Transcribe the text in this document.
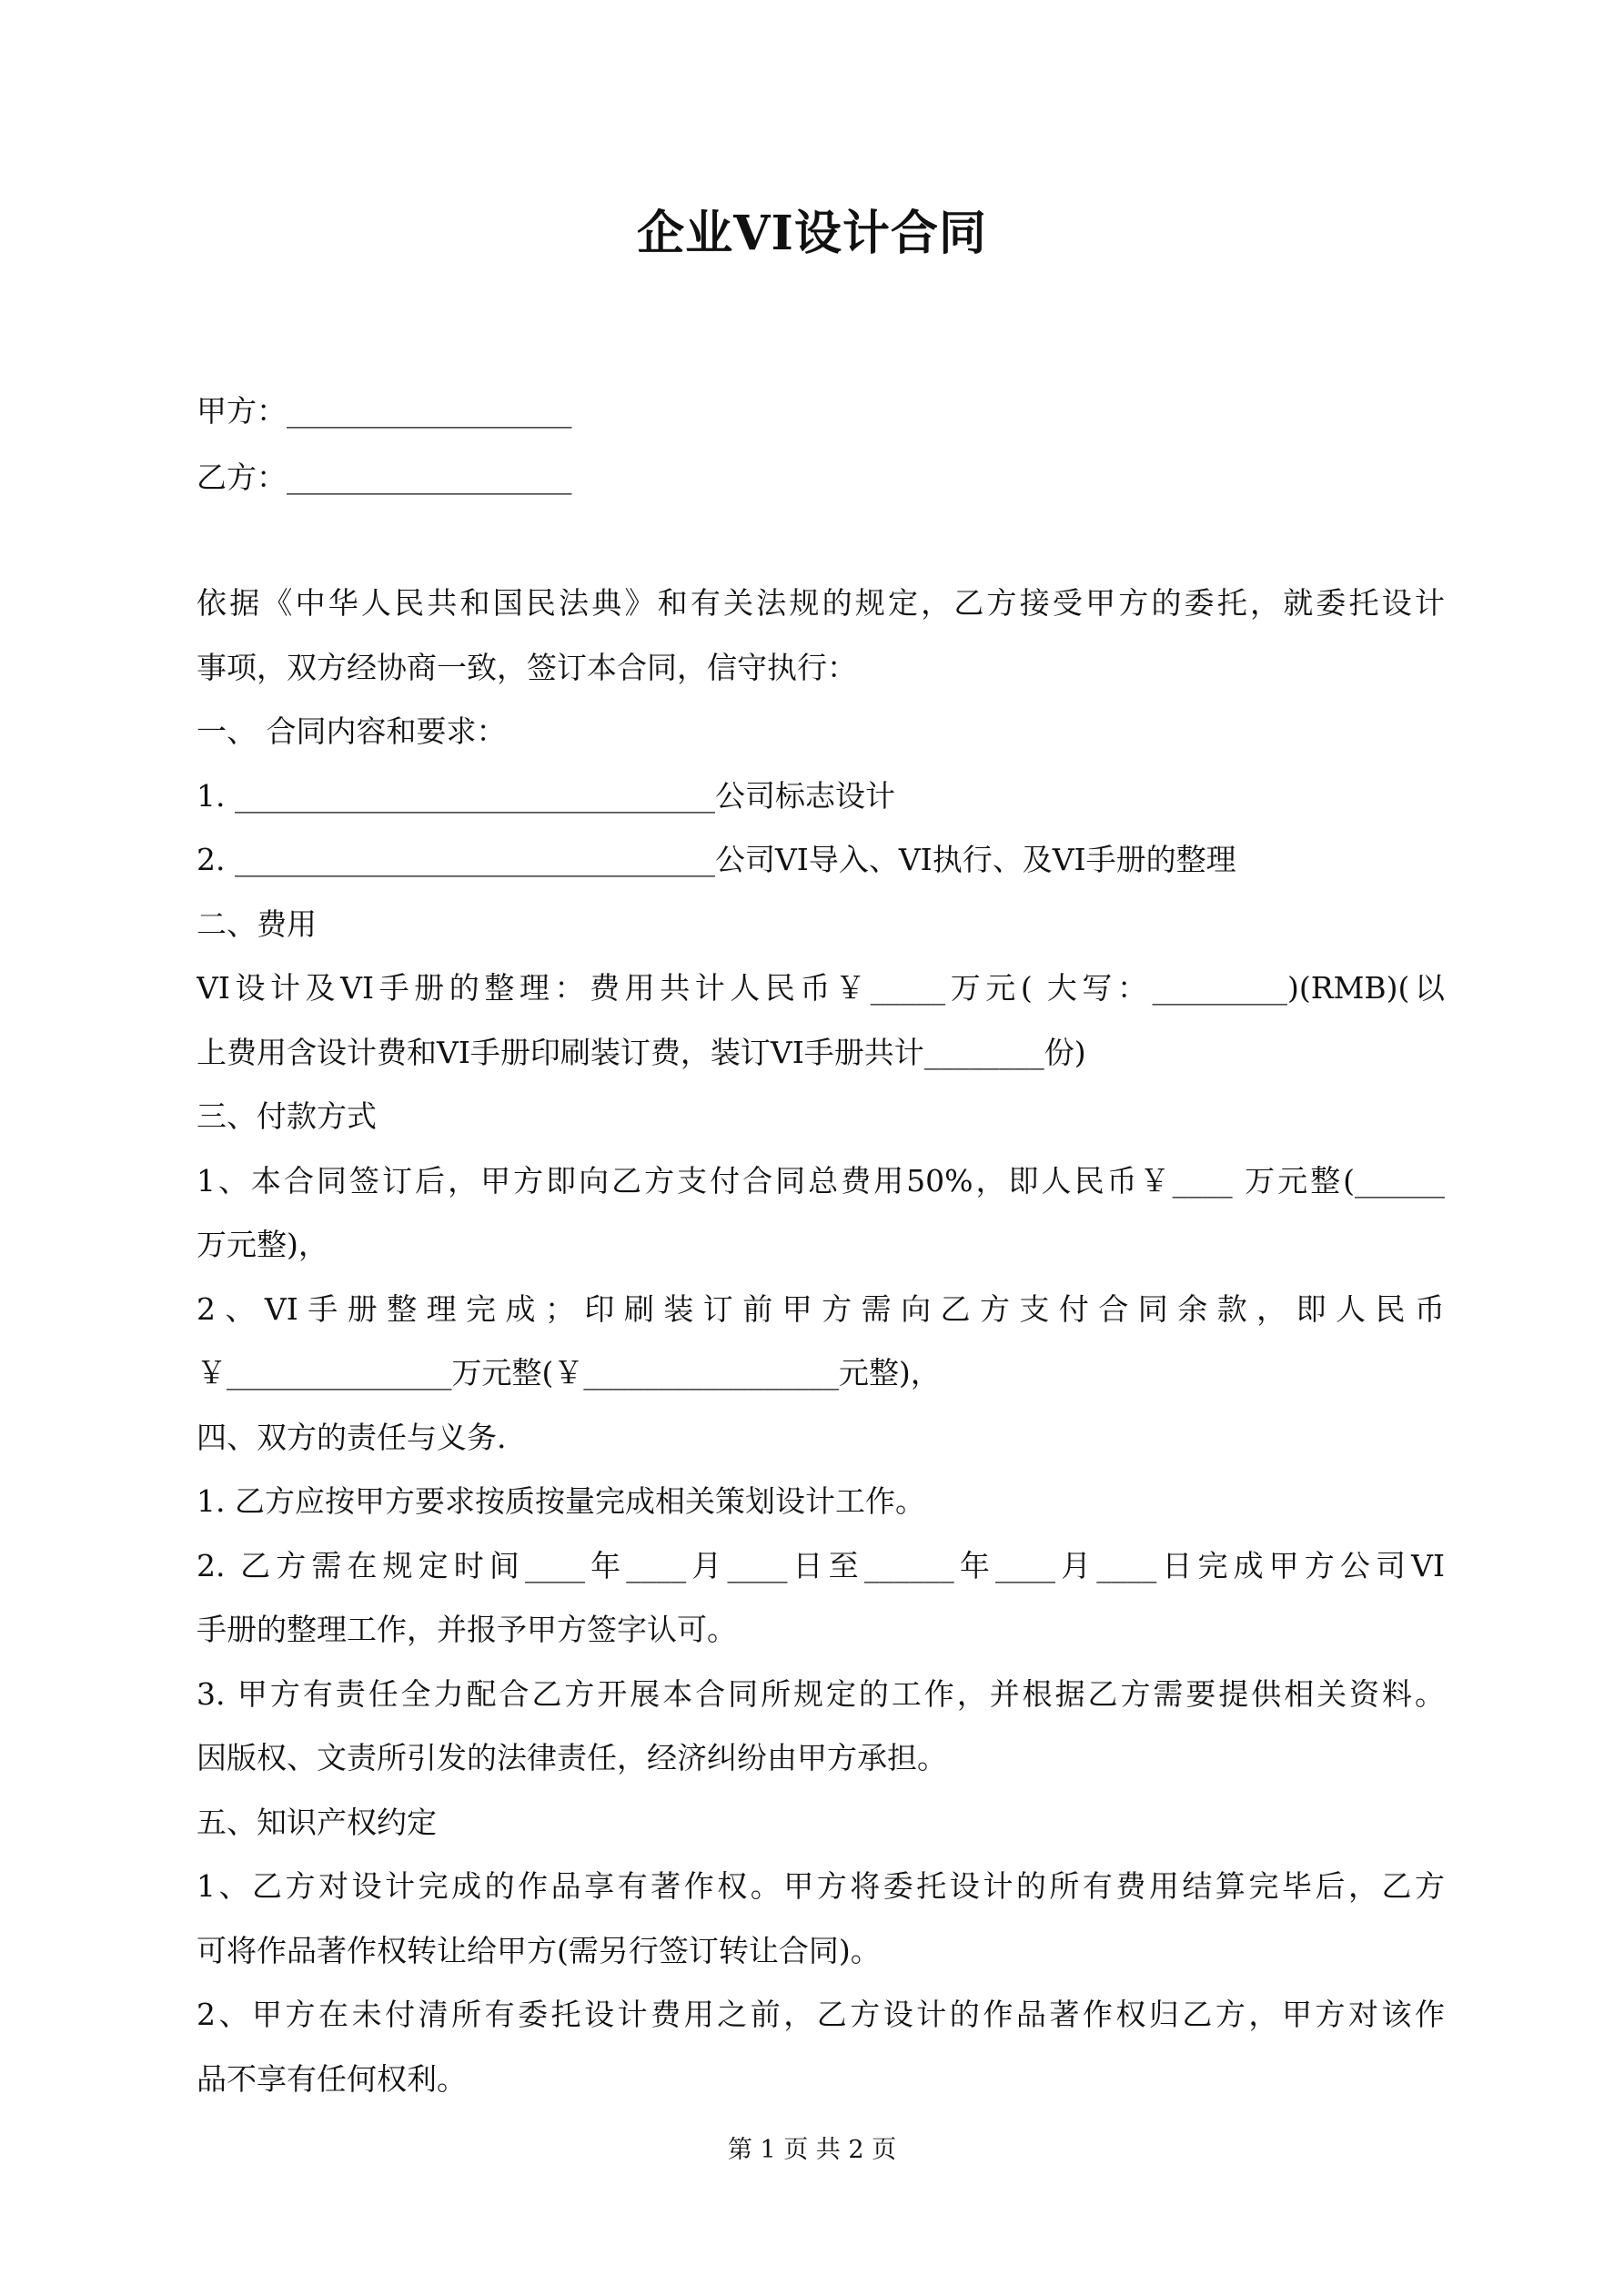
企业VI设计合同
甲方：___________________
乙方：___________________
依据《中华人民共和国民法典》和有关法规的规定，乙方接受甲方的委托，就委托设计
事项，双方经协商一致，签订本合同，信守执行：
一、 合同内容和要求：
1. ________________________________公司标志设计
2. ________________________________公司VI导入、VI执行、及VI手册的整理
二、费用
VI设计及VI手册的整理：费用共计人民币￥_____万元( 大写：_________)(RMB)(以
上费用含设计费和VI手册印刷装订费，装订VI手册共计________份)
三、付款方式
1、本合同签订后，甲方即向乙方支付合同总费用50%，即人民币￥____ 万元整(______
万元整)，
2、VI手册整理完成；印刷装订前甲方需向乙方支付合同余款，即人民币
￥_______________万元整(￥_________________元整)，
四、双方的责任与义务.
1. 乙方应按甲方要求按质按量完成相关策划设计工作。
2. 乙方需在规定时间____年____月____日至______年____月____日完成甲方公司VI
手册的整理工作，并报予甲方签字认可。
3. 甲方有责任全力配合乙方开展本合同所规定的工作，并根据乙方需要提供相关资料。
因版权、文责所引发的法律责任，经济纠纷由甲方承担。
五、知识产权约定
1、乙方对设计完成的作品享有著作权。甲方将委托设计的所有费用结算完毕后，乙方
可将作品著作权转让给甲方(需另行签订转让合同)。
2、甲方在未付清所有委托设计费用之前，乙方设计的作品著作权归乙方，甲方对该作
品不享有任何权利。
第 1 页 共 2 页
